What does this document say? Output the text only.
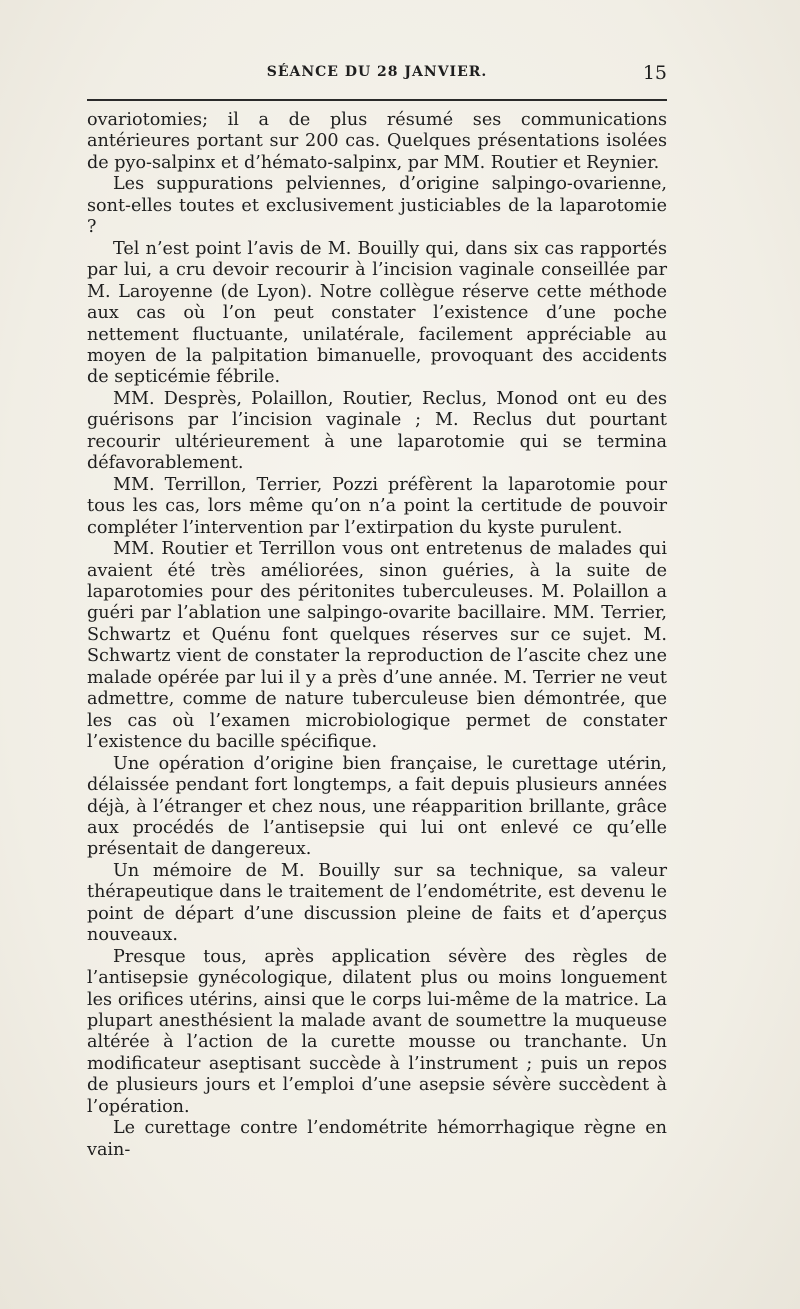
SÉANCE DU 28 JANVIER.	15

ovariotomies; il a de plus résumé ses communications antérieures portant sur 200 cas. Quelques présentations isolées de pyo-salpinx et d’hémato-salpinx, par MM. Routier et Reynier.

Les suppurations pelviennes, d’origine salpingo-ovarienne, sont-elles toutes et exclusivement justiciables de la laparotomie ?

Tel n’est point l’avis de M. Bouilly qui, dans six cas rapportés par lui, a cru devoir recourir à l’incision vaginale conseillée par M. Laroyenne (de Lyon). Notre collègue réserve cette méthode aux cas où l’on peut constater l’existence d’une poche nettement fluctuante, unilatérale, facilement appréciable au moyen de la palpitation bimanuelle, provoquant des accidents de septicémie fébrile.

MM. Desprès, Polaillon, Routier, Reclus, Monod ont eu des guérisons par l’incision vaginale ; M. Reclus dut pourtant recourir ultérieurement à une laparotomie qui se termina défavorablement.

MM. Terrillon, Terrier, Pozzi préfèrent la laparotomie pour tous les cas, lors même qu’on n’a point la certitude de pouvoir compléter l’intervention par l’extirpation du kyste purulent.

MM. Routier et Terrillon vous ont entretenus de malades qui avaient été très améliorées, sinon guéries, à la suite de laparotomies pour des péritonites tuberculeuses. M. Polaillon a guéri par l’ablation une salpingo-ovarite bacillaire. MM. Terrier, Schwartz et Quénu font quelques réserves sur ce sujet. M. Schwartz vient de constater la reproduction de l’ascite chez une malade opérée par lui il y a près d’une année. M. Terrier ne veut admettre, comme de nature tuberculeuse bien démontrée, que les cas où l’examen microbiologique permet de constater l’existence du bacille spécifique.

Une opération d’origine bien française, le curettage utérin, délaissée pendant fort longtemps, a fait depuis plusieurs années déjà, à l’étranger et chez nous, une réapparition brillante, grâce aux procédés de l’antisepsie qui lui ont enlevé ce qu’elle présentait de dangereux.

Un mémoire de M. Bouilly sur sa technique, sa valeur thérapeutique dans le traitement de l’endométrite, est devenu le point de départ d’une discussion pleine de faits et d’aperçus nouveaux.

Presque tous, après application sévère des règles de l’antisepsie gynécologique, dilatent plus ou moins longuement les orifices utérins, ainsi que le corps lui-même de la matrice. La plupart anesthésient la malade avant de soumettre la muqueuse altérée à l’action de la curette mousse ou tranchante. Un modificateur aseptisant succède à l’instrument ; puis un repos de plusieurs jours et l’emploi d’une asepsie sévère succèdent à l’opération.

Le curettage contre l’endométrite hémorrhagique règne en vain-
